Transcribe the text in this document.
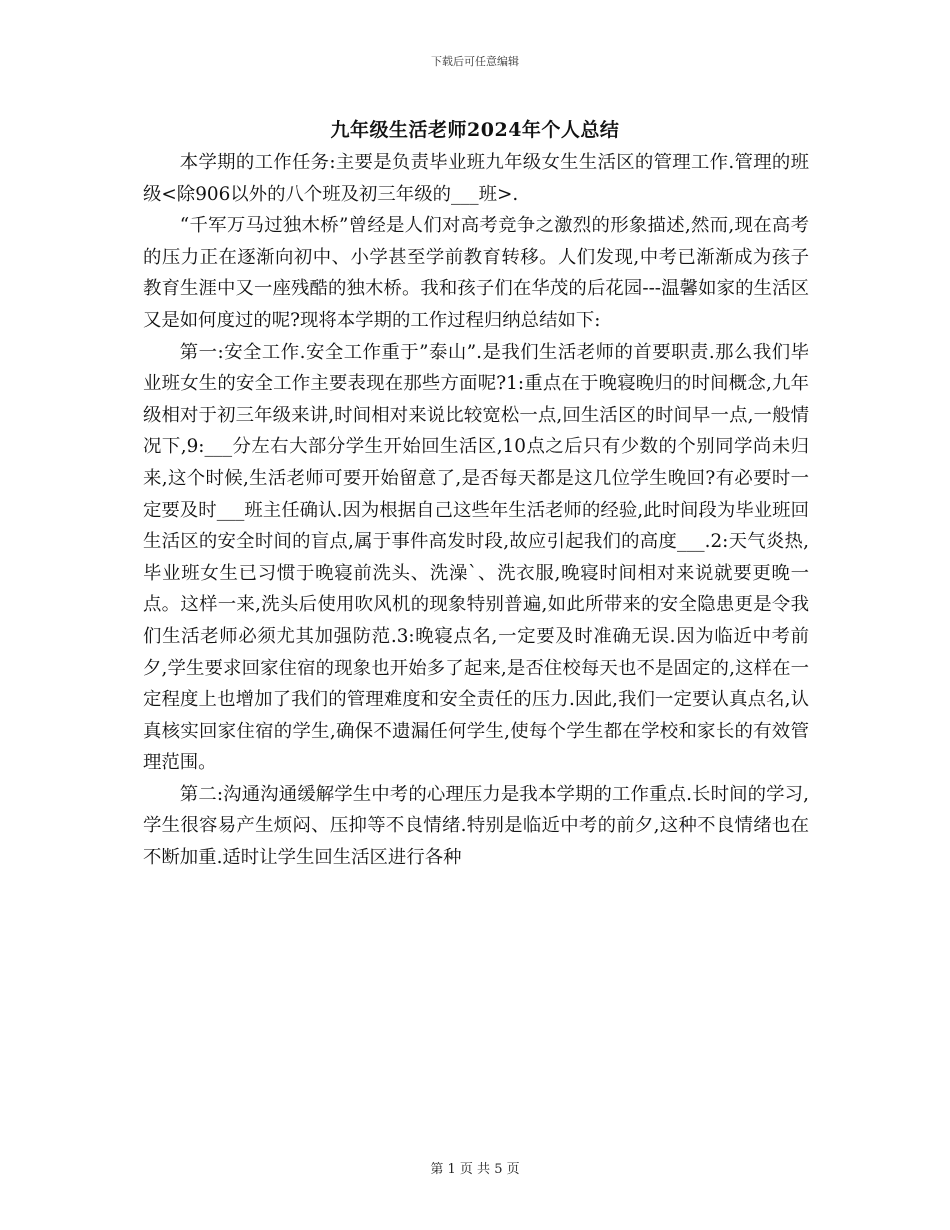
下载后可任意编辑
九年级生活老师2024年个人总结

本学期的工作任务:主要是负责毕业班九年级女生生活区的管理工作.管理的班级<除906以外的八个班及初三年级的___班>.

“千军万马过独木桥”曾经是人们对高考竞争之激烈的形象描述,然而,现在高考的压力正在逐渐向初中、小学甚至学前教育转移。人们发现,中考已渐渐成为孩子教育生涯中又一座残酷的独木桥。我和孩子们在华茂的后花园---温馨如家的生活区又是如何度过的呢?现将本学期的工作过程归纳总结如下:

第一:安全工作.安全工作重于”泰山”.是我们生活老师的首要职责.那么我们毕业班女生的安全工作主要表现在那些方面呢?1:重点在于晚寝晚归的时间概念,九年级相对于初三年级来讲,时间相对来说比较宽松一点,回生活区的时间早一点,一般情况下,9:___分左右大部分学生开始回生活区,10点之后只有少数的个别同学尚未归来,这个时候,生活老师可要开始留意了,是否每天都是这几位学生晚回?有必要时一定要及时___班主任确认.因为根据自己这些年生活老师的经验,此时间段为毕业班回生活区的安全时间的盲点,属于事件高发时段,故应引起我们的高度___.2:天气炎热,毕业班女生已习惯于晚寝前洗头、洗澡`、洗衣服,晚寝时间相对来说就要更晚一点。这样一来,洗头后使用吹风机的现象特别普遍,如此所带来的安全隐患更是令我们生活老师必须尤其加强防范.3:晚寝点名,一定要及时准确无误.因为临近中考前夕,学生要求回家住宿的现象也开始多了起来,是否住校每天也不是固定的,这样在一定程度上也增加了我们的管理难度和安全责任的压力.因此,我们一定要认真点名,认真核实回家住宿的学生,确保不遗漏任何学生,使每个学生都在学校和家长的有效管理范围。

第二:沟通沟通缓解学生中考的心理压力是我本学期的工作重点.长时间的学习,学生很容易产生烦闷、压抑等不良情绪.特别是临近中考的前夕,这种不良情绪也在不断加重.适时让学生回生活区进行各种

第 1 页 共 5 页
